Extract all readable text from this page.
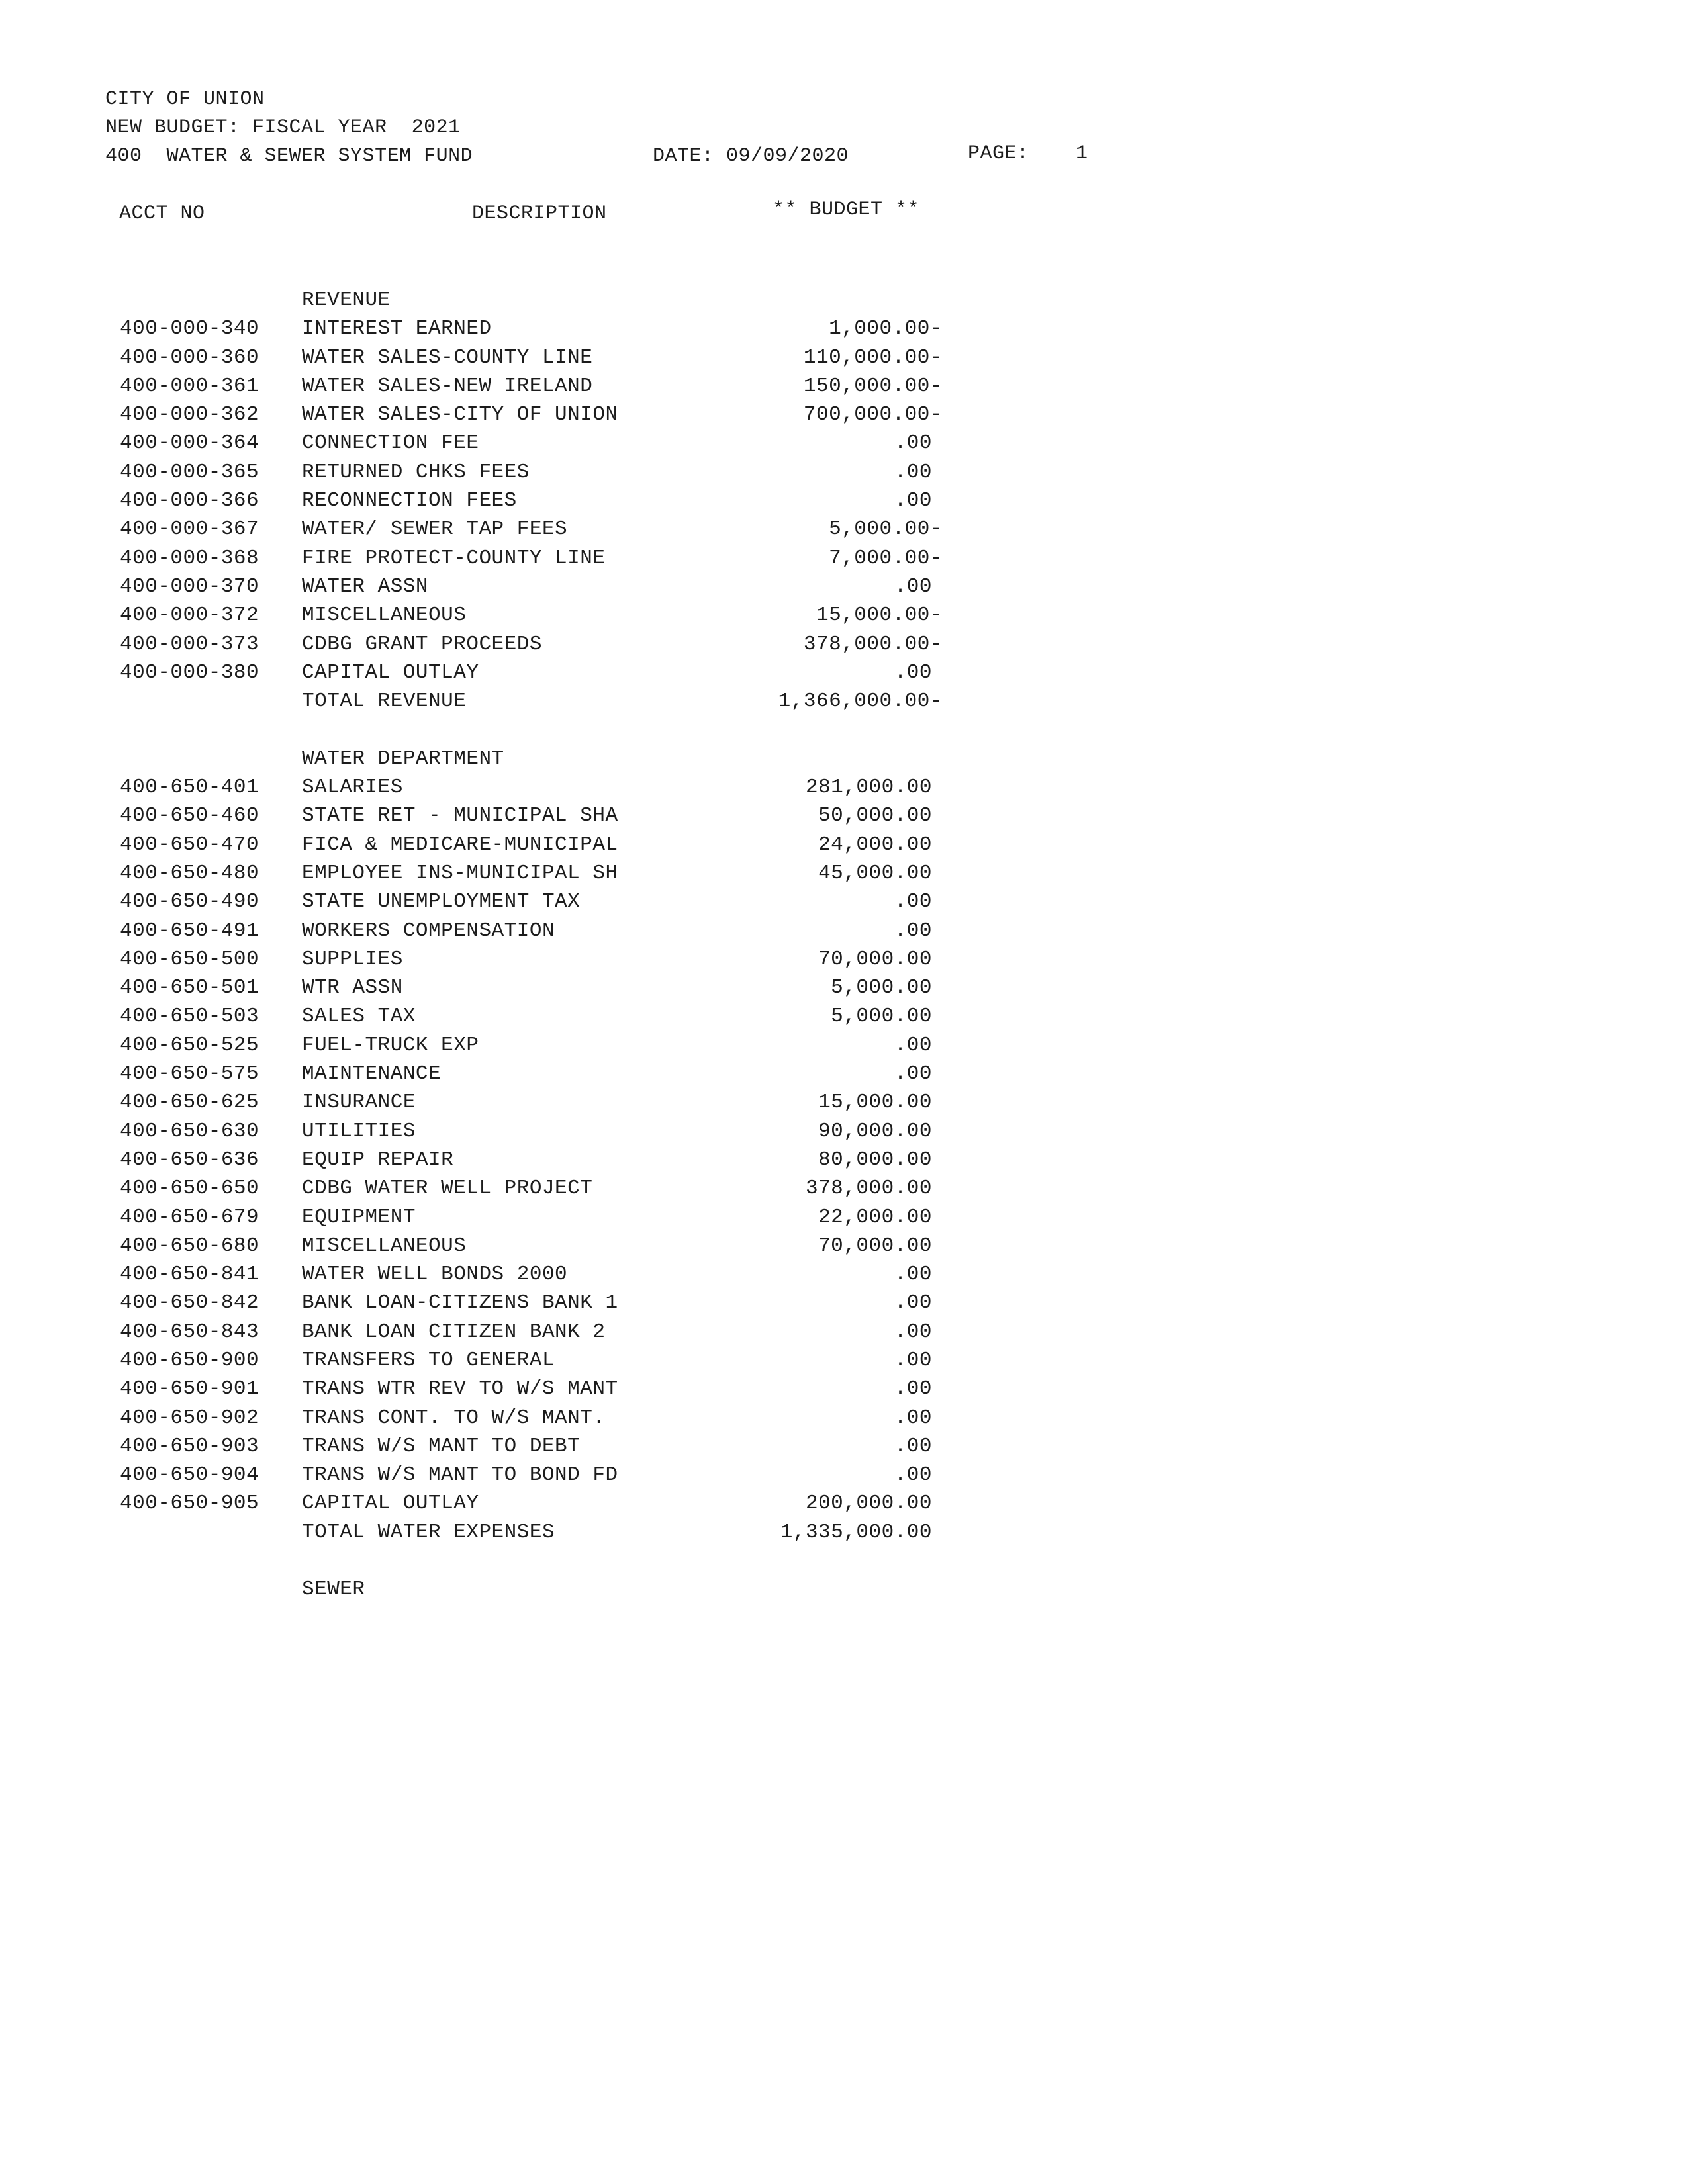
CITY OF UNION
NEW BUDGET: FISCAL YEAR  2021
400  WATER & SEWER SYSTEM FUND	DATE: 09/09/2020	PAGE: 1
ACCT NO	DESCRIPTION	** BUDGET **
REVENUE
400-000-340 INTEREST EARNED	1,000.00-
400-000-360 WATER SALES-COUNTY LINE	110,000.00-
400-000-361 WATER SALES-NEW IRELAND	150,000.00-
400-000-362 WATER SALES-CITY OF UNION	700,000.00-
400-000-364 CONNECTION FEE	.00
400-000-365 RETURNED CHKS FEES	.00
400-000-366 RECONNECTION FEES	.00
400-000-367 WATER/ SEWER TAP FEES	5,000.00-
400-000-368 FIRE PROTECT-COUNTY LINE	7,000.00-
400-000-370 WATER ASSN	.00
400-000-372 MISCELLANEOUS	15,000.00-
400-000-373 CDBG GRANT PROCEEDS	378,000.00-
400-000-380 CAPITAL OUTLAY	.00
TOTAL REVENUE	1,366,000.00-
WATER DEPARTMENT
400-650-401 SALARIES	281,000.00
400-650-460 STATE RET - MUNICIPAL SHA	50,000.00
400-650-470 FICA & MEDICARE-MUNICIPAL	24,000.00
400-650-480 EMPLOYEE INS-MUNICIPAL SH	45,000.00
400-650-490 STATE UNEMPLOYMENT TAX	.00
400-650-491 WORKERS COMPENSATION	.00
400-650-500 SUPPLIES	70,000.00
400-650-501 WTR ASSN	5,000.00
400-650-503 SALES TAX	5,000.00
400-650-525 FUEL-TRUCK EXP	.00
400-650-575 MAINTENANCE	.00
400-650-625 INSURANCE	15,000.00
400-650-630 UTILITIES	90,000.00
400-650-636 EQUIP REPAIR	80,000.00
400-650-650 CDBG WATER WELL PROJECT	378,000.00
400-650-679 EQUIPMENT	22,000.00
400-650-680 MISCELLANEOUS	70,000.00
400-650-841 WATER WELL BONDS 2000	.00
400-650-842 BANK LOAN-CITIZENS BANK 1	.00
400-650-843 BANK LOAN CITIZEN BANK 2	.00
400-650-900 TRANSFERS TO GENERAL	.00
400-650-901 TRANS WTR REV TO W/S MANT	.00
400-650-902 TRANS CONT. TO W/S MANT.	.00
400-650-903 TRANS W/S MANT TO DEBT	.00
400-650-904 TRANS W/S MANT TO BOND FD	.00
400-650-905 CAPITAL OUTLAY	200,000.00
TOTAL WATER EXPENSES	1,335,000.00
SEWER
